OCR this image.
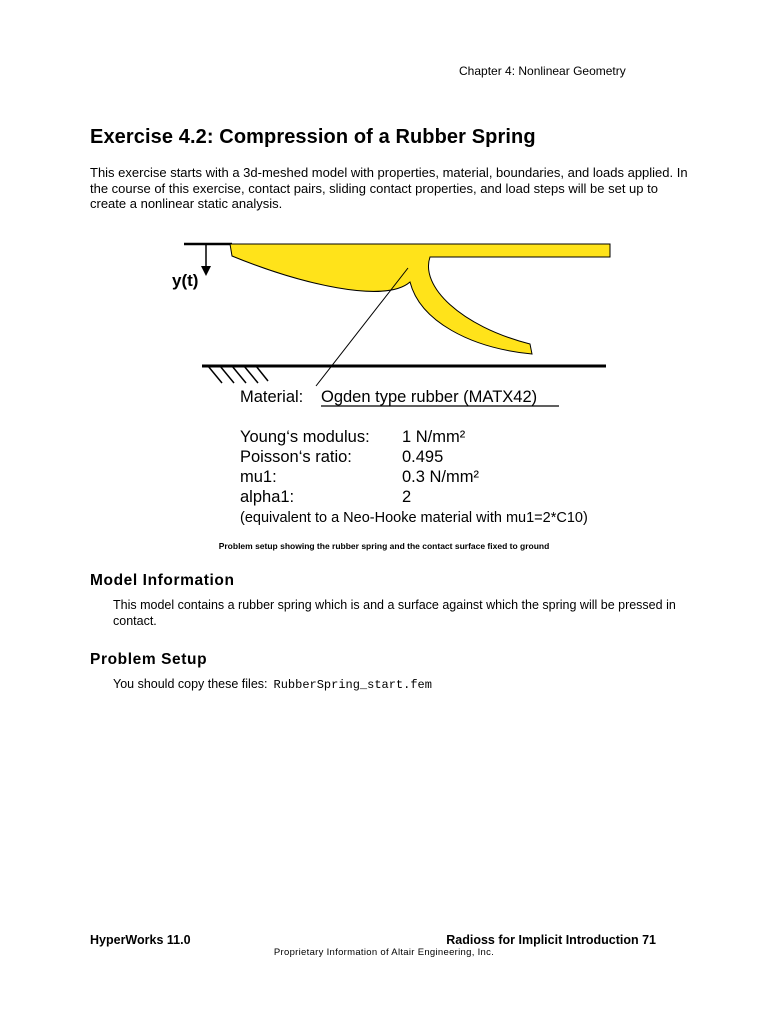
Chapter 4: Nonlinear Geometry
Exercise 4.2: Compression of a Rubber Spring

This exercise starts with a 3d-meshed model with properties, material, boundaries, and loads applied. In the course of this exercise, contact pairs, sliding contact properties, and load steps will be set up to create a nonlinear static analysis.

y(t)
Material: Ogden type rubber (MATX42)
Young‘s modulus: 1 N/mm²
Poisson‘s ratio:	0.495
mu1:	0.3 N/mm²
alpha1:	2
(equivalent to a Neo-Hooke material with mu1=2*C10)
Problem setup showing the rubber spring and the contact surface fixed to ground
Model Information

This model contains a rubber spring which is and a surface against which the spring will be pressed in contact.

Problem Setup

You should copy these files: RubberSpring_start.fem

HyperWorks 11.0	Radioss for Implicit Introduction 71
Proprietary Information of Altair Engineering, Inc.
